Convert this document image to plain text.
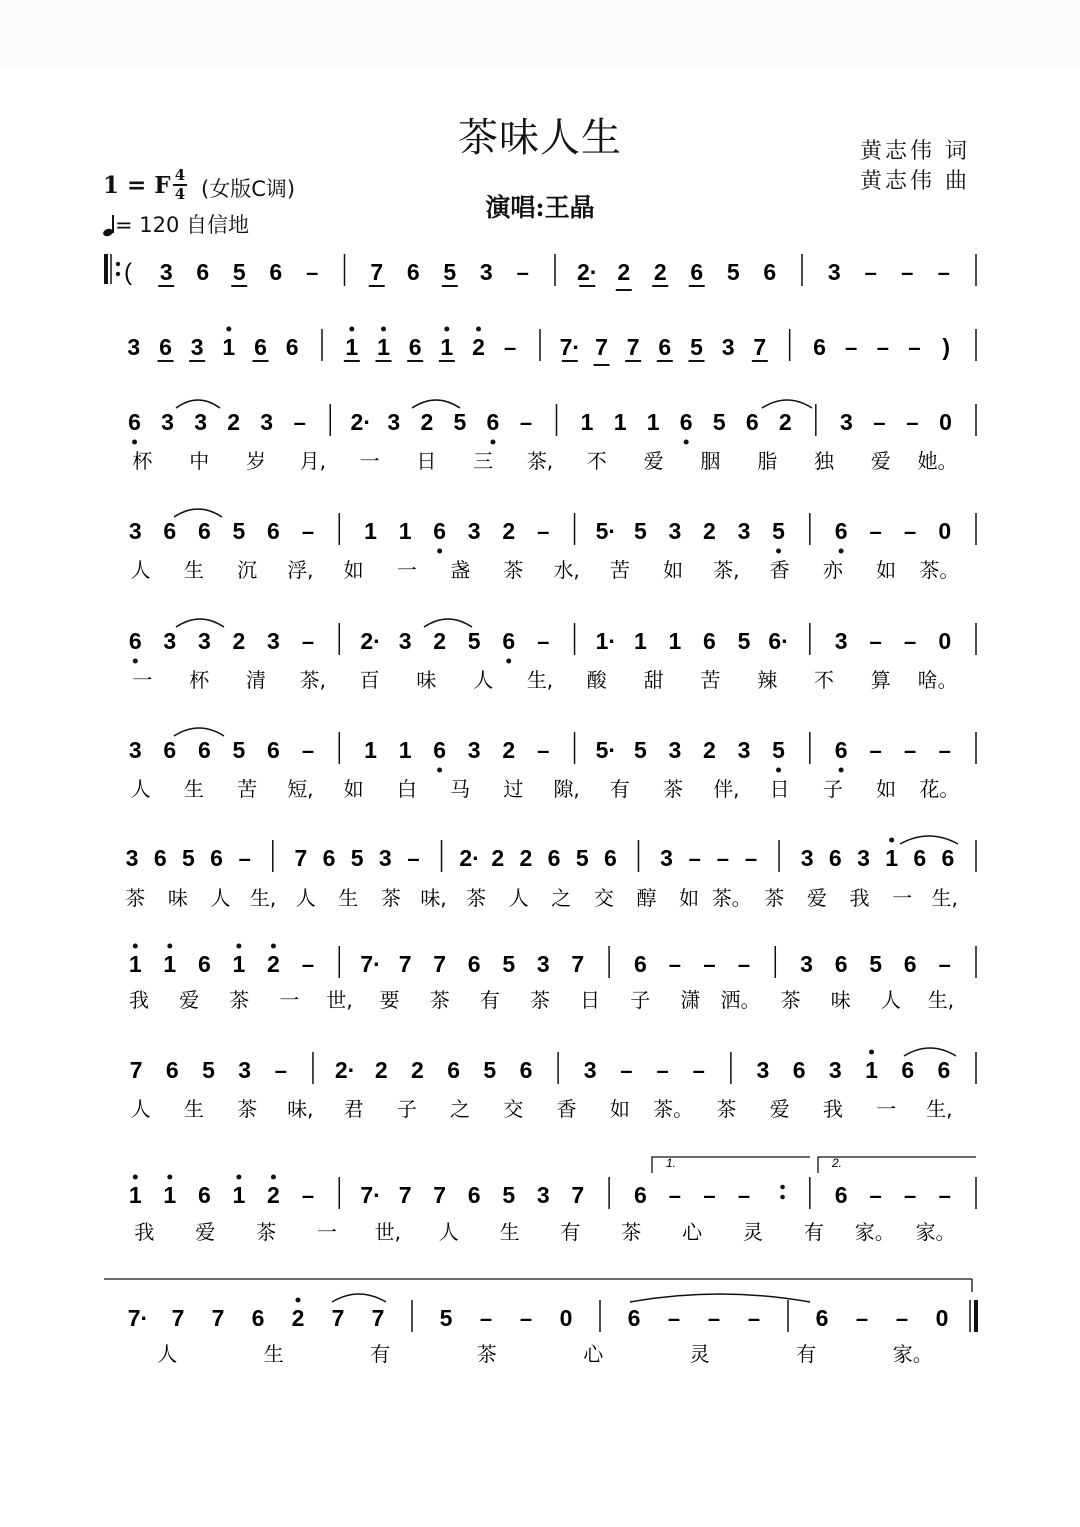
茶味人生	黄志伟 词
黄志伟 曲
演唱:王晶
1 = F 4
4 (女版C调)
= 120 自信地
( 3 6 5 6 – 7 6 5 3 – 2· 2 2 6 5 6 3 – – –
3 6 3 1 6 6 1 1 6 1 2 – 7· 7 7 6 5 3 7 6 – – – )
6 3 3 2 3 – 2· 3 2 5 6 – 1 1 1 6 5 6 2 3 – – 0
杯 中 岁 月, 一 日 三 茶, 不 爱 胭 脂 独 爱 她。
3 6 6 5 6 – 1 1 6 3 2 – 5· 5 3 2 3 5 6 – – 0
人 生 沉 浮, 如 一 盏 茶 水, 苦 如 茶, 香 亦 如 茶。
6 3 3 2 3 – 2· 3 2 5 6 – 1· 1 1 6 5 6· 3 – – 0
一 杯 清 茶, 百 味 人 生, 酸 甜 苦 辣 不 算 啥。
3 6 6 5 6 – 1 1 6 3 2 – 5· 5 3 2 3 5 6 – – –
人 生 苦 短, 如 白 马 过 隙, 有 茶 伴, 日 子 如 花。
3 6 5 6 – 7 6 5 3 – 2· 2 2 6 5 6 3 – – – 3 6 3 1 6 6
茶 味 人 生, 人 生 茶 味, 茶 人 之 交 醇 如 茶。 茶 爱 我 一 生,
1 1 6 1 2 – 7· 7 7 6 5 3 7 6 – – – 3 6 5 6 –
我 爱 茶 一 世, 要 茶 有 茶 日 子 潇 洒。 茶 味 人 生,
7 6 5 3 – 2· 2 2 6 5 6 3 – – – 3 6 3 1 6 6
人 生 茶 味, 君 子 之 交 香 如 茶。 茶 爱 我 一 生,
1 1 6 1 2 – 7· 7 7 6 5 3 7 6 – – –	6 – – –
我 爱 茶 一 世, 人 生 有 茶 心 灵 有 家。 家。
1.	2.
7· 7 7 6 2 7 7 5 – – 0 6 – – – 6 – – 0
人	生	有	茶	心	灵	有	家。
